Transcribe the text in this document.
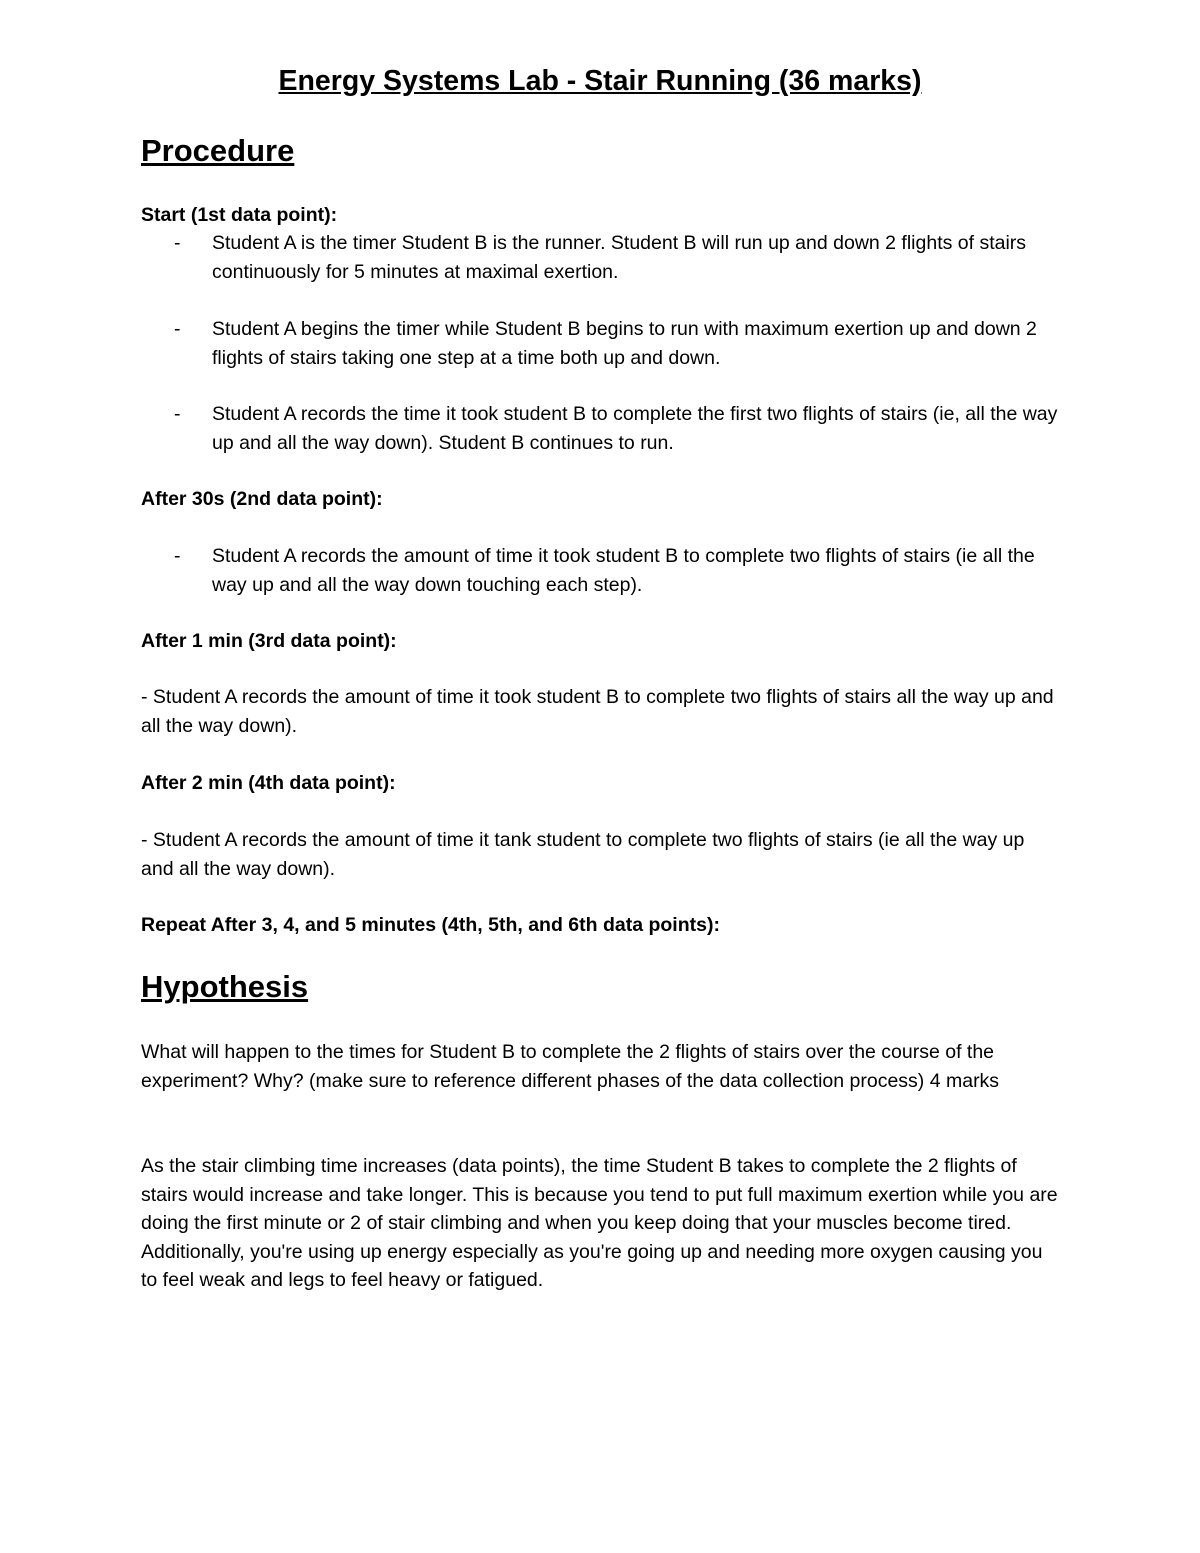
Energy Systems Lab - Stair Running (36 marks)
Procedure
Start (1st data point):
- Student A is the timer Student B is the runner. Student B will run up and down 2 flights of stairs continuously for 5 minutes at maximal exertion.
- Student A begins the timer while Student B begins to run with maximum exertion up and down 2 flights of stairs taking one step at a time both up and down.
- Student A records the time it took student B to complete the first two flights of stairs (ie, all the way up and all the way down). Student B continues to run.
After 30s (2nd data point):
- Student A records the amount of time it took student B to complete two flights of stairs (ie all the way up and all the way down touching each step).
After 1 min (3rd data point):
- Student A records the amount of time it took student B to complete two flights of stairs all the way up and all the way down).
After 2 min (4th data point):
- Student A records the amount of time it tank student to complete two flights of stairs (ie all the way up and all the way down).
Repeat After 3, 4, and 5 minutes (4th, 5th, and 6th data points):
Hypothesis
What will happen to the times for Student B to complete the 2 flights of stairs over the course of the experiment? Why? (make sure to reference different phases of the data collection process) 4 marks
As the stair climbing time increases (data points), the time Student B takes to complete the 2 flights of stairs would increase and take longer. This is because you tend to put full maximum exertion while you are doing the first minute or 2 of stair climbing and when you keep doing that your muscles become tired. Additionally, you're using up energy especially as you're going up and needing more oxygen causing you to feel weak and legs to feel heavy or fatigued.
